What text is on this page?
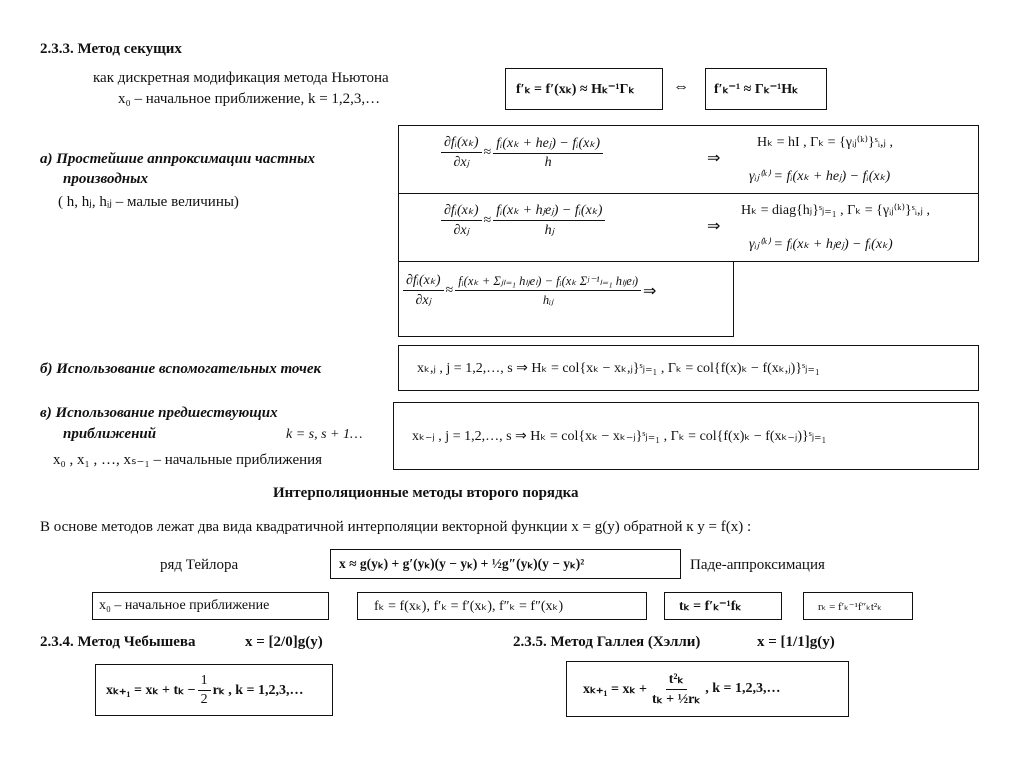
2.3.3. Метод секущих
как дискретная модификация метода Ньютона
x₀ – начальное приближение, k = 1,2,3,…
f′ₖ = f′(xₖ) ≈ Hₖ⁻¹Γₖ ⇔ f′ₖ⁻¹ ≈ Γₖ⁻¹Hₖ
а) Простейшие аппроксимации частных
производных
( h, hⱼ, hᵢⱼ – малые величины)
$\frac{\text{∂fᵢ(xₖ)}}{\text{∂xⱼ}} \approx \frac{\text{fᵢ(xₖ + heⱼ) − fᵢ(xₖ)}}{h}$	⇒
Hₖ = hI , Γₖ = {γᵢⱼ⁽ᵏ⁾}ˢᵢ,ⱼ ,
γᵢⱼ⁽ᵏ⁾ = fᵢ(xₖ + heⱼ) − fᵢ(xₖ)
$\frac{\text{∂fᵢ(xₖ)}}{\text{∂xⱼ}} \approx \frac{\text{fᵢ(xₖ + hⱼeⱼ) − fᵢ(xₖ)}}{\text{hⱼ}}$	⇒
Hₖ = diag{hⱼ}ˢⱼ₌₁ , Γₖ = {γᵢⱼ⁽ᵏ⁾}ˢᵢ,ⱼ ,
γᵢⱼ⁽ᵏ⁾ = fᵢ(xₖ + hⱼeⱼ) − fᵢ(xₖ)
$\frac{\text{∂fᵢ(xₖ)}}{\text{∂xⱼ}} \approx \frac{\text{fᵢ(xₖ + Σⱼₗ₌₁ hₗⱼeₗ) − fᵢ(xₖ Σʲ⁻¹ₗ₌₁ hₗⱼeₗ)}}{\text{hᵢⱼ}}$ ⇒
б) Использование вспомогательных точек	xₖ,ⱼ , j = 1,2,…, s ⇒ Hₖ = col{xₖ − xₖ,ⱼ}ˢⱼ₌₁ , Γₖ = col{f(x)ₖ − f(xₖ,ⱼ)}ˢⱼ₌₁
в) Использование предшествующих
приближений	k = s, s + 1…
x₀ , x₁ , …, xₛ₋₁ – начальные приближения
xₖ₋ⱼ , j = 1,2,…, s ⇒ Hₖ = col{xₖ − xₖ₋ⱼ}ˢⱼ₌₁ , Γₖ = col{f(x)ₖ − f(xₖ₋ⱼ)}ˢⱼ₌₁
Интерполяционные методы второго порядка
В основе методов лежат два вида квадратичной интерполяции векторной функции x = g(y) обратной к y = f(x) :
ряд Тейлора	x ≈ g(yₖ) + g′(yₖ)(y − yₖ) + ½g″(yₖ)(y − yₖ)²	Паде-аппроксимация
x₀ – начальное приближение	fₖ = f(xₖ), f′ₖ = f′(xₖ), f″ₖ = f″(xₖ)	tₖ = f′ₖ⁻¹fₖ	rₖ = f′ₖ⁻¹f″ₖt²ₖ
2.3.4. Метод Чебышева	x = [2/0]g(y)
$x_{k+1} = x_k + t_k - \frac{1}{2}$ rₖ , k = 1,2,3,…
2.3.5. Метод Галлея (Хэлли)	x = [1/1]g(y)
$x_{k+1} = x_k + \frac{\text{t²ₖ}}{\text{tₖ + ½rₖ}}$ , k = 1,2,3,…
